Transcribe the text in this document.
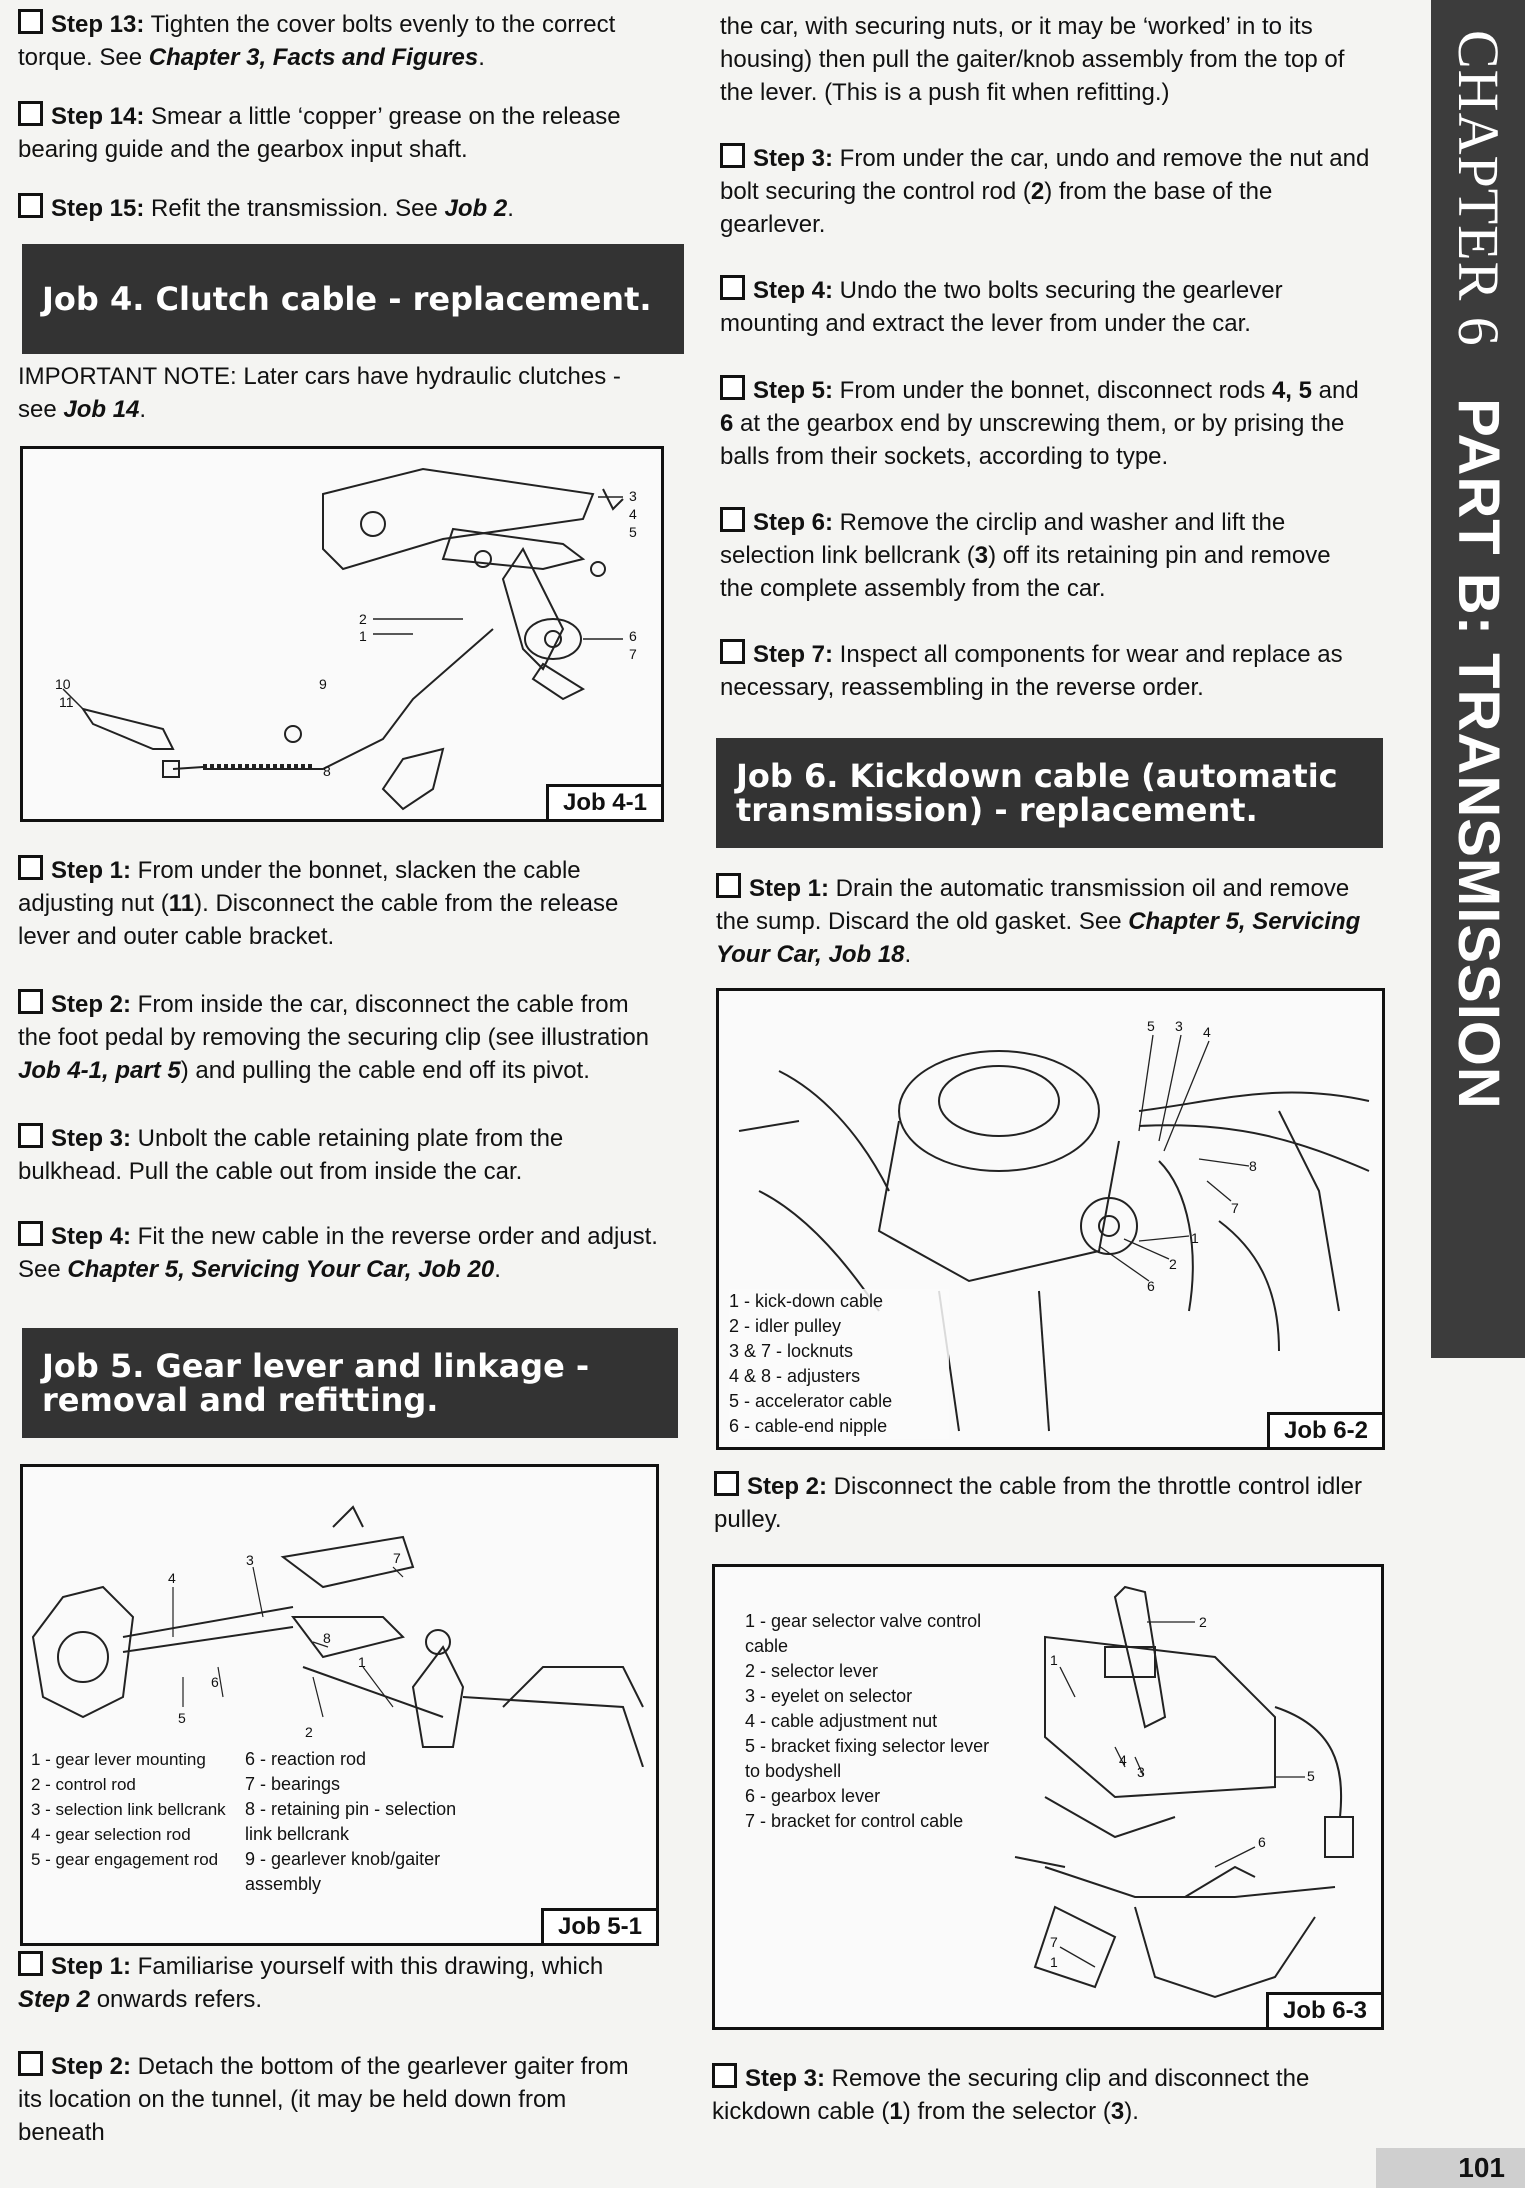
Step 13: Tighten the cover bolts evenly to the correct torque. See Chapter 3, Facts and Figures.

Step 14: Smear a little ‘copper’ grease on the release bearing guide and the gearbox input shaft.

Step 15: Refit the transmission. See Job 2.

Job 4. Clutch cable - replacement.

IMPORTANT NOTE: Later cars have hydraulic clutches - see Job 14.

3
4
5
2
1	6
7
9
10
11
8
Job 4-1

Step 1: From under the bonnet, slacken the cable adjusting nut (11). Disconnect the cable from the release lever and outer cable bracket.

Step 2: From inside the car, disconnect the cable from the foot pedal by removing the securing clip (see illustration Job 4-1, part 5) and pulling the cable end off its pivot.

Step 3: Unbolt the cable retaining plate from the bulkhead. Pull the cable out from inside the car.

Step 4: Fit the new cable in the reverse order and adjust. See Chapter 5, Servicing Your Car, Job 20.

Job 5. Gear lever and linkage - removal and refitting.
3
4
7
8
1
6
5
2
1 - gear lever mounting
2 - control rod
3 - selection link bellcrank
4 - gear selection rod
5 - gear engagement rod
6 - reaction rod
7 - bearings
8 - retaining pin - selection link bellcrank
9 - gearlever knob/gaiter assembly
Job 5-1

Step 1: Familiarise yourself with this drawing, which Step 2 onwards refers.

Step 2: Detach the bottom of the gearlever gaiter from its location on the tunnel, (it may be held down from beneath

the car, with securing nuts, or it may be ‘worked’ in to its housing) then pull the gaiter/knob assembly from the top of the lever. (This is a push fit when refitting.)

Step 3: From under the car, undo and remove the nut and bolt securing the control rod (2) from the base of the gearlever.

Step 4: Undo the two bolts securing the gearlever mounting and extract the lever from under the car.

Step 5: From under the bonnet, disconnect rods 4, 5 and 6 at the gearbox end by unscrewing them, or by prising the balls from their sockets, according to type.

Step 6: Remove the circlip and washer and lift the selection link bellcrank (3) off its retaining pin and remove the complete assembly from the car.

Step 7: Inspect all components for wear and replace as necessary, reassembling in the reverse order.

Job 6. Kickdown cable (automatic transmission) - replacement.

Step 1: Drain the automatic transmission oil and remove the sump. Discard the old gasket. See Chapter 5, Servicing Your Car, Job 18.

5 3 4
8
7
1
2
6
1 - kick-down cable
2 - idler pulley
3 & 7 - locknuts
4 & 8 - adjusters
5 - accelerator cable
6 - cable-end nipple	Job 6-2

Step 2: Disconnect the cable from the throttle control idler pulley.

2
1
4
3	5
6
7
1
1 - gear selector valve control cable
2 - selector lever
3 - eyelet on selector
4 - cable adjustment nut
5 - bracket fixing selector lever to bodyshell
6 - gearbox lever
7 - bracket for control cable
Job 6-3

Step 3: Remove the securing clip and disconnect the kickdown cable (1) from the selector (3).

CHAPTER 6   PART B: TRANSMISSION
101
